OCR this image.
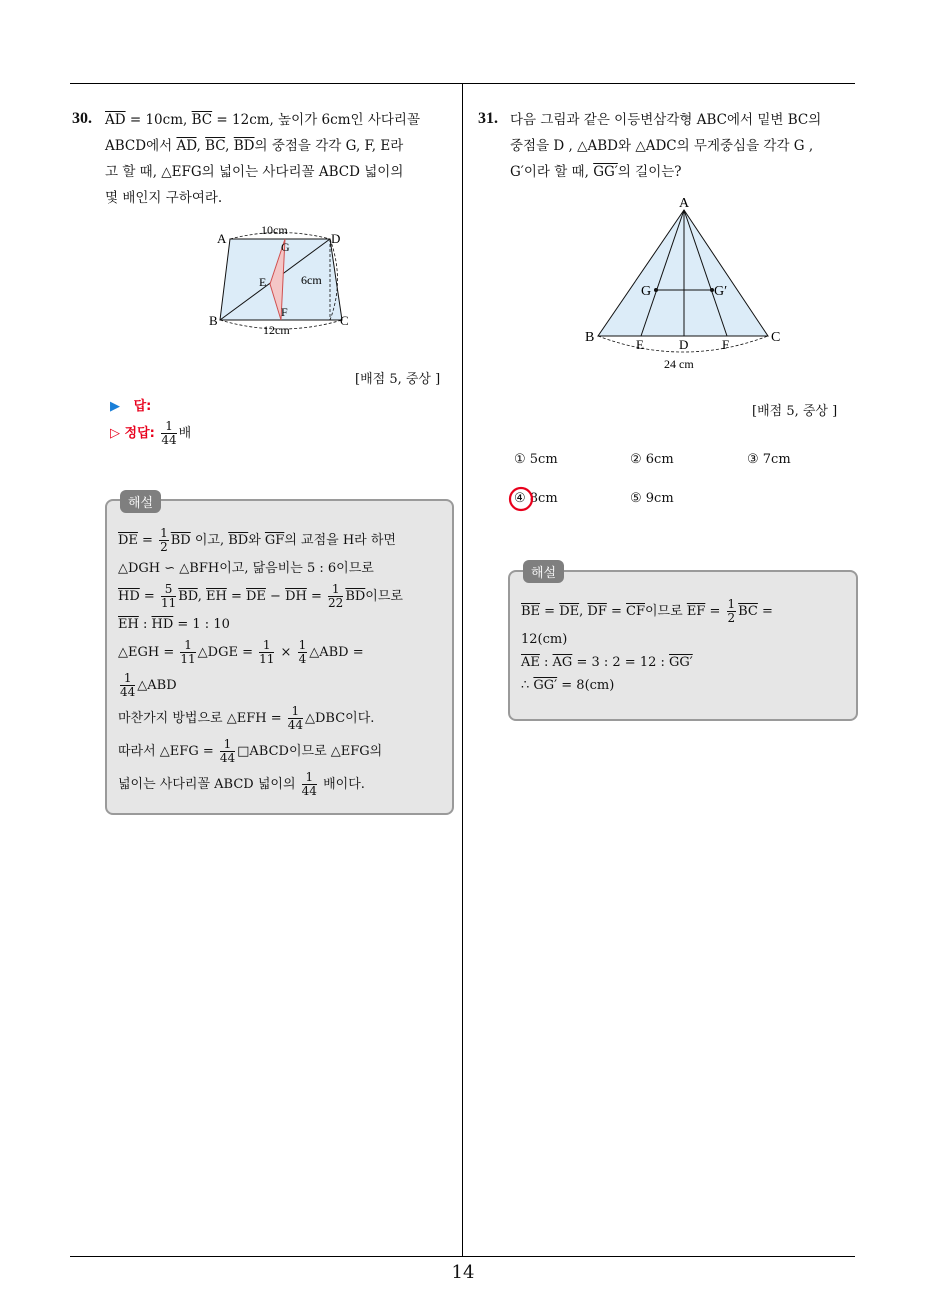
30. $\overline{AD} = 10cm$, $\overline{BC} = 12cm$, 높이가 6cm인 사다리꼴
ABCD에서 $\overline{AD}$, $\overline{BC}$, $\overline{BD}$의 중점을 각각 G, F, E라
고 할 때, △EFG의 넓이는 사다리꼴 ABCD 넓이의
몇 배인지 구하여라.
A	D
B	C
G
E
F
10cm
12cm
6cm
[배점 5, 중상 ]
▶ 답:
▷ 정답: $\frac{1}{44}$ 배
해설
$\overline{DE} = \frac{1}{2} \overline{BD}$ 이고, $\overline{BD}$와 $\overline{GF}$의 교점을 H라 하면
△DGH ∽ △BFH이고, 닮음비는 5 : 6이므로
$\overline{HD} = \frac{5}{11} \overline{BD}$, $\overline{EH} = \overline{DE} - \overline{DH} = \frac{1}{22} \overline{BD}$이므로
$\overline{EH}$ : $\overline{HD} = 1$ : 10
△EGH = $\frac{1}{11}$ △DGE = $\frac{1}{11} \times \frac{1}{4}$ △ABD =
$\frac{1}{44}$ △ABD
마찬가지 방법으로 △EFH = $\frac{1}{44}$ △DBC이다.
따라서 △EFG = $\frac{1}{44}$ □ABCD이므로 △EFG의
넓이는 사다리꼴 ABCD 넓이의 $\frac{1}{44}$ 배이다.
31. 다음 그림과 같은 이등변삼각형 ABC에서 밑변 BC의
중점을 D , △ABD와 △ADC의 무게중심을 각각 G ,
G′이라 할 때, GG′의 길이는?
A
B	C
E	D	F
G	G′
24 cm
[배점 5, 중상 ]
① 5cm	② 6cm	③ 7cm
④ 8cm	⑤ 9cm
해설
$\overline{BE} = \overline{DE}$, $\overline{DF} = \overline{CF}$이므로 $\overline{EF} = \frac{1}{2} \overline{BC}$ =
12(cm)
$\overline{AE}$ : $\overline{AG} = 3$ : 2 = 12 : GG′
∴ GG′ = 8(cm)
14
